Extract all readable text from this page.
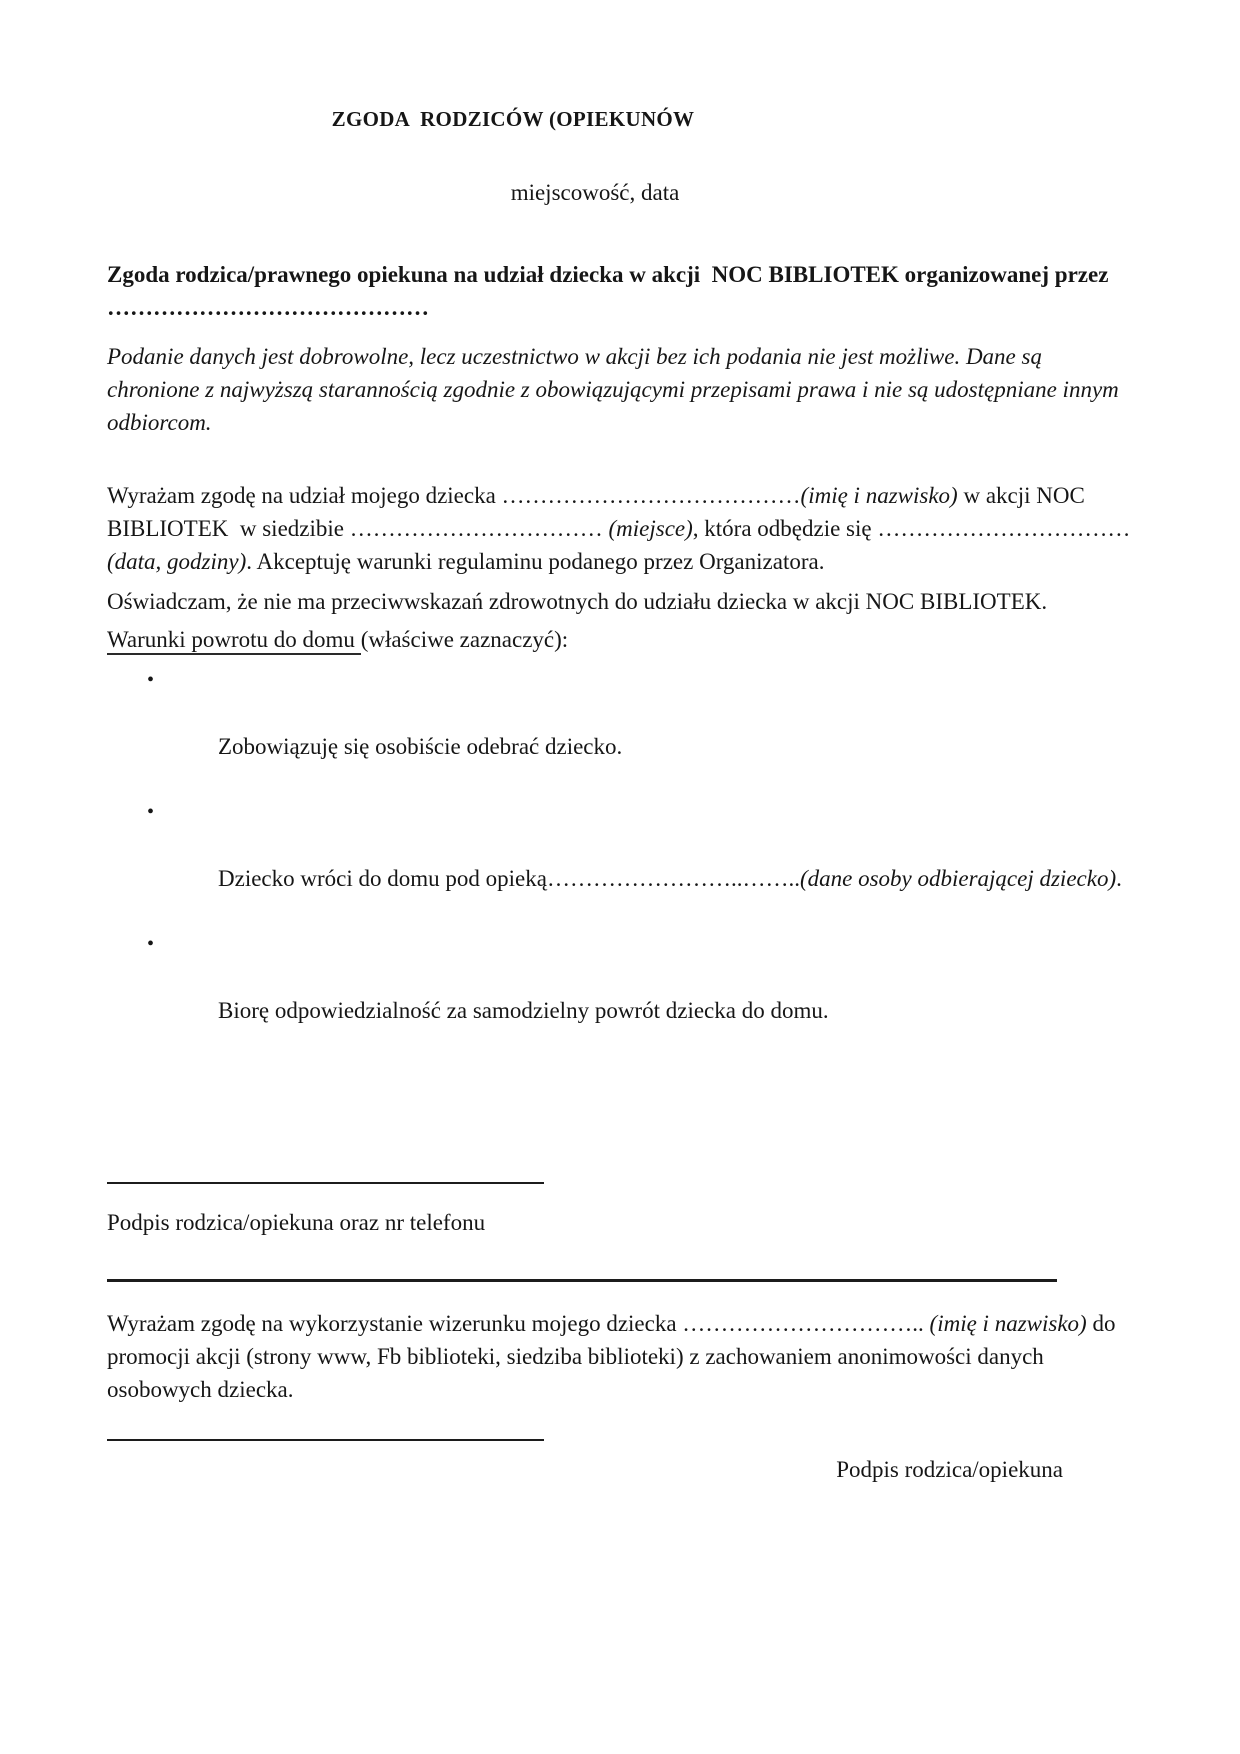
ZGODA  RODZICÓW (OPIEKUNÓW
miejscowość, data

Zgoda rodzica/prawnego opiekuna na udział dziecka w akcji  NOC BIBLIOTEK organizowanej przez ……………………………………

Podanie danych jest dobrowolne, lecz uczestnictwo w akcji bez ich podania nie jest możliwe. Dane są chronione z najwyższą starannością zgodnie z obowiązującymi przepisami prawa i nie są udostępniane innym odbiorcom.

Wyrażam zgodę na udział mojego dziecka …………………………………(imię i nazwisko) w akcji NOC BIBLIOTEK  w siedzibie …………………………… (miejsce), która odbędzie się …………………………… (data, godziny). Akceptuję warunki regulaminu podanego przez Organizatora.

Oświadczam, że nie ma przeciwwskazań zdrowotnych do udziału dziecka w akcji NOC BIBLIOTEK.

Warunki powrotu do domu (właściwe zaznaczyć):

•

Zobowiązuję się osobiście odebrać dziecko.

•

Dziecko wróci do domu pod opieką……………………..……..(dane osoby odbierającej dziecko).

•

Biorę odpowiedzialność za samodzielny powrót dziecka do domu.

Podpis rodzica/opiekuna oraz nr telefonu

Wyrażam zgodę na wykorzystanie wizerunku mojego dziecka ………………………….. (imię i nazwisko) do promocji akcji (strony www, Fb biblioteki, siedziba biblioteki) z zachowaniem anonimowości danych osobowych dziecka.

Podpis rodzica/opiekuna
